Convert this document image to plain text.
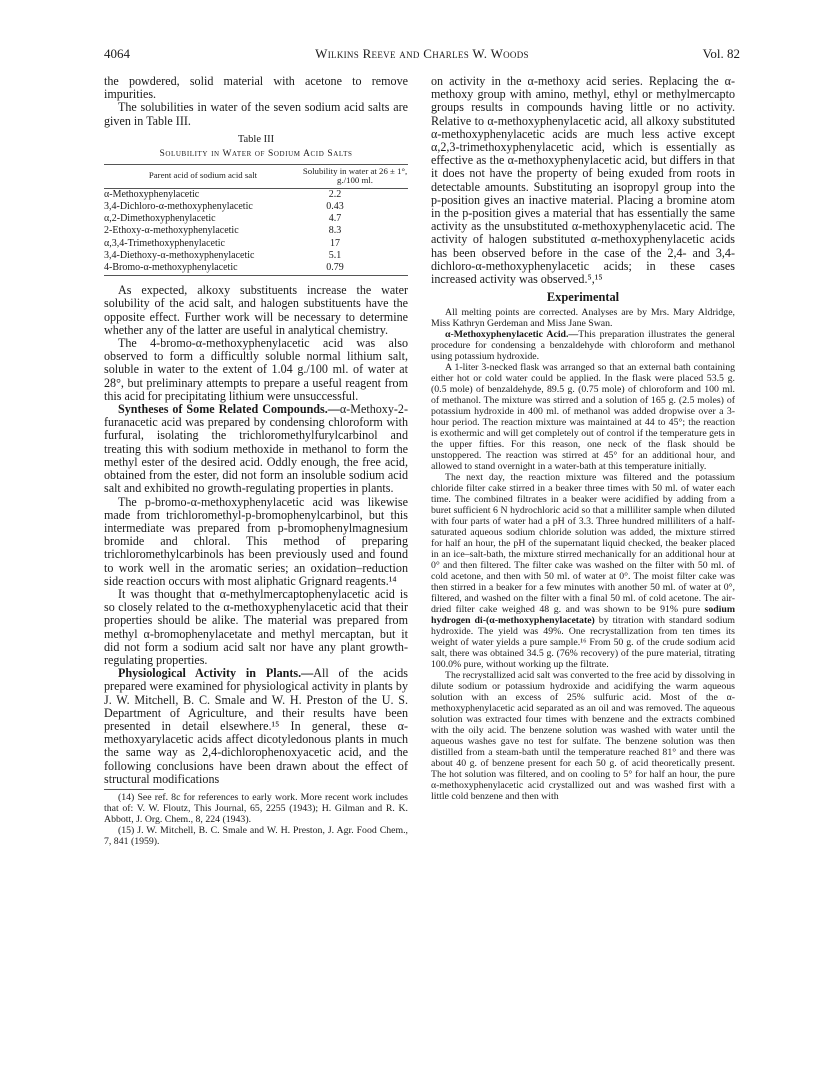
4064	Wilkins Reeve and Charles W. Woods	Vol. 82

the powdered, solid material with acetone to remove impurities.

The solubilities in water of the seven sodium acid salts are given in Table III.

Table III
Solubility in Water of Sodium Acid Salts
Parent acid of sodium acid salt	Solubility in water at 26 ± 1°, g./100 ml.
α-Methoxyphenylacetic	2.2
3,4-Dichloro-α-methoxyphenylacetic	0.43
α,2-Dimethoxyphenylacetic	4.7
2-Ethoxy-α-methoxyphenylacetic	8.3
α,3,4-Trimethoxyphenylacetic	17
3,4-Diethoxy-α-methoxyphenylacetic	5.1
4-Bromo-α-methoxyphenylacetic	0.79

As expected, alkoxy substituents increase the water solubility of the acid salt, and halogen substituents have the opposite effect. Further work will be necessary to determine whether any of the latter are useful in analytical chemistry.

The 4-bromo-α-methoxyphenylacetic acid was also observed to form a difficultly soluble normal lithium salt, soluble in water to the extent of 1.04 g./100 ml. of water at 28°, but preliminary attempts to prepare a useful reagent from this acid for precipitating lithium were unsuccessful.

Syntheses of Some Related Compounds.—α-Methoxy-2-furanacetic acid was prepared by condensing chloroform with furfural, isolating the trichloromethylfurylcarbinol and treating this with sodium methoxide in methanol to form the methyl ester of the desired acid. Oddly enough, the free acid, obtained from the ester, did not form an insoluble sodium acid salt and exhibited no growth-regulating properties in plants.

The p-bromo-α-methoxyphenylacetic acid was likewise made from trichloromethyl-p-bromophenylcarbinol, but this intermediate was prepared from p-bromophenylmagnesium bromide and chloral. This method of preparing trichloromethylcarbinols has been previously used and found to work well in the aromatic series; an oxidation–reduction side reaction occurs with most aliphatic Grignard reagents.¹⁴

It was thought that α-methylmercaptophenylacetic acid is so closely related to the α-methoxyphenylacetic acid that their properties should be alike. The material was prepared from methyl α-bromophenylacetate and methyl mercaptan, but it did not form a sodium acid salt nor have any plant growth-regulating properties.

Physiological Activity in Plants.—All of the acids prepared were examined for physiological activity in plants by J. W. Mitchell, B. C. Smale and W. H. Preston of the U. S. Department of Agriculture, and their results have been presented in detail elsewhere.¹⁵ In general, these α-methoxyarylacetic acids affect dicotyledonous plants in much the same way as 2,4-dichlorophenoxyacetic acid, and the following conclusions have been drawn about the effect of structural modifications

(14) See ref. 8c for references to early work. More recent work includes that of: V. W. Floutz, This Journal, 65, 2255 (1943); H. Gilman and R. K. Abbott, J. Org. Chem., 8, 224 (1943).

(15) J. W. Mitchell, B. C. Smale and W. H. Preston, J. Agr. Food Chem., 7, 841 (1959).

on activity in the α-methoxy acid series. Replacing the α-methoxy group with amino, methyl, ethyl or methylmercapto groups results in compounds having little or no activity. Relative to α-methoxyphenylacetic acid, all alkoxy substituted α-methoxyphenylacetic acids are much less active except α,2,3-trimethoxyphenylacetic acid, which is essentially as effective as the α-methoxyphenylacetic acid, but differs in that it does not have the property of being exuded from roots in detectable amounts. Substituting an isopropyl group into the p-position gives an inactive material. Placing a bromine atom in the p-position gives a material that has essentially the same activity as the unsubstituted α-methoxyphenylacetic acid. The activity of halogen substituted α-methoxyphenylacetic acids has been observed before in the case of the 2,4- and 3,4-dichloro-α-methoxyphenylacetic acids; in these cases increased activity was observed.⁵,¹⁵

Experimental

All melting points are corrected. Analyses are by Mrs. Mary Aldridge, Miss Kathryn Gerdeman and Miss Jane Swan.

α-Methoxyphenylacetic Acid.—This preparation illustrates the general procedure for condensing a benzaldehyde with chloroform and methanol using potassium hydroxide.

A 1-liter 3-necked flask was arranged so that an external bath containing either hot or cold water could be applied. In the flask were placed 53.5 g. (0.5 mole) of benzaldehyde, 89.5 g. (0.75 mole) of chloroform and 100 ml. of methanol. The mixture was stirred and a solution of 165 g. (2.5 moles) of potassium hydroxide in 400 ml. of methanol was added dropwise over a 3-hour period. The reaction mixture was maintained at 44 to 45°; the reaction is exothermic and will get completely out of control if the temperature gets in the upper fifties. For this reason, one neck of the flask should be unstoppered. The reaction was stirred at 45° for an additional hour, and allowed to stand overnight in a water-bath at this temperature initially.

The next day, the reaction mixture was filtered and the potassium chloride filter cake stirred in a beaker three times with 50 ml. of water each time. The combined filtrates in a beaker were acidified by adding from a buret sufficient 6 N hydrochloric acid so that a milliliter sample when diluted with four parts of water had a pH of 3.3. Three hundred milliliters of a half-saturated aqueous sodium chloride solution was added, the mixture stirred for half an hour, the pH of the supernatant liquid checked, the beaker placed in an ice–salt-bath, the mixture stirred mechanically for an additional hour at 0° and then filtered. The filter cake was washed on the filter with 50 ml. of cold acetone, and then with 50 ml. of water at 0°. The moist filter cake was then stirred in a beaker for a few minutes with another 50 ml. of water at 0°, filtered, and washed on the filter with a final 50 ml. of cold acetone. The air-dried filter cake weighed 48 g. and was shown to be 91% pure sodium hydrogen di-(α-methoxyphenylacetate) by titration with standard sodium hydroxide. The yield was 49%. One recrystallization from ten times its weight of water yields a pure sample.¹⁶ From 50 g. of the crude sodium acid salt, there was obtained 34.5 g. (76% recovery) of the pure material, titrating 100.0% pure, without working up the filtrate.

The recrystallized acid salt was converted to the free acid by dissolving in dilute sodium or potassium hydroxide and acidifying the warm aqueous solution with an excess of 25% sulfuric acid. Most of the α-methoxyphenylacetic acid separated as an oil and was removed. The aqueous solution was extracted four times with benzene and the extracts combined with the oily acid. The benzene solution was washed with water until the aqueous washes gave no test for sulfate. The benzene solution was then distilled from a steam-bath until the temperature reached 81° and there was about 40 g. of benzene present for each 50 g. of acid theoretically present. The hot solution was filtered, and on cooling to 5° for half an hour, the pure α-methoxyphenylacetic acid crystallized out and was washed first with a little cold benzene and then with
